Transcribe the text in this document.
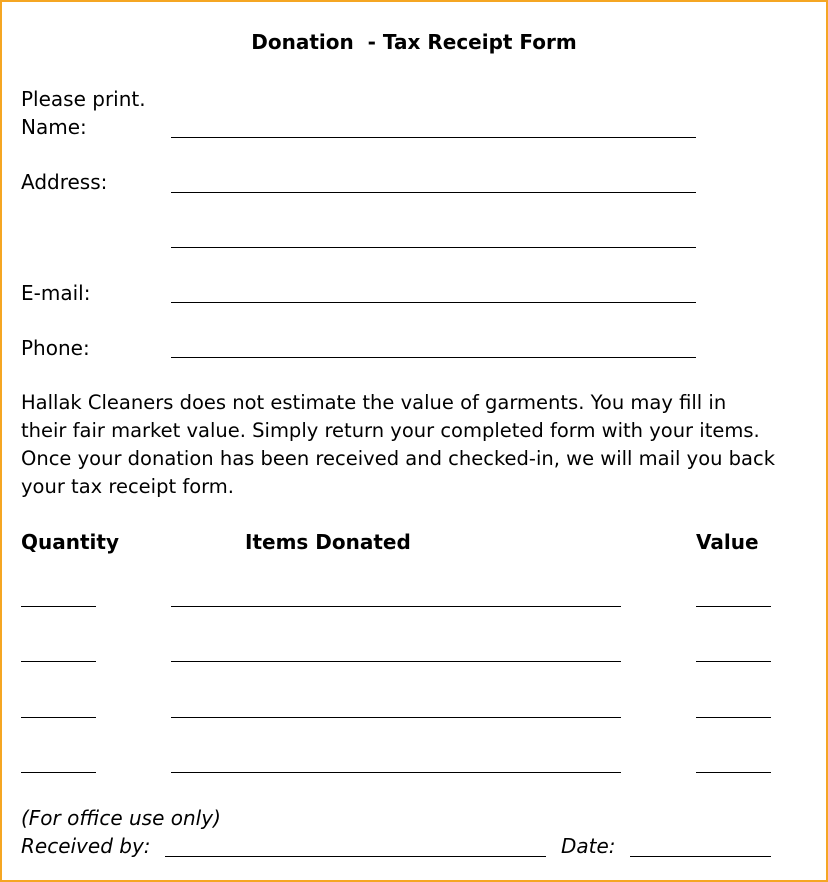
Donation  - Tax Receipt Form
Please print.
Name:
Address:
E-mail:
Phone:
Hallak Cleaners does not estimate the value of garments. You may fill in
their fair market value. Simply return your completed form with your items.
Once your donation has been received and checked-in, we will mail you back
your tax receipt form.
Quantity	Items Donated	Value
(For office use only)
Received by:	Date:
